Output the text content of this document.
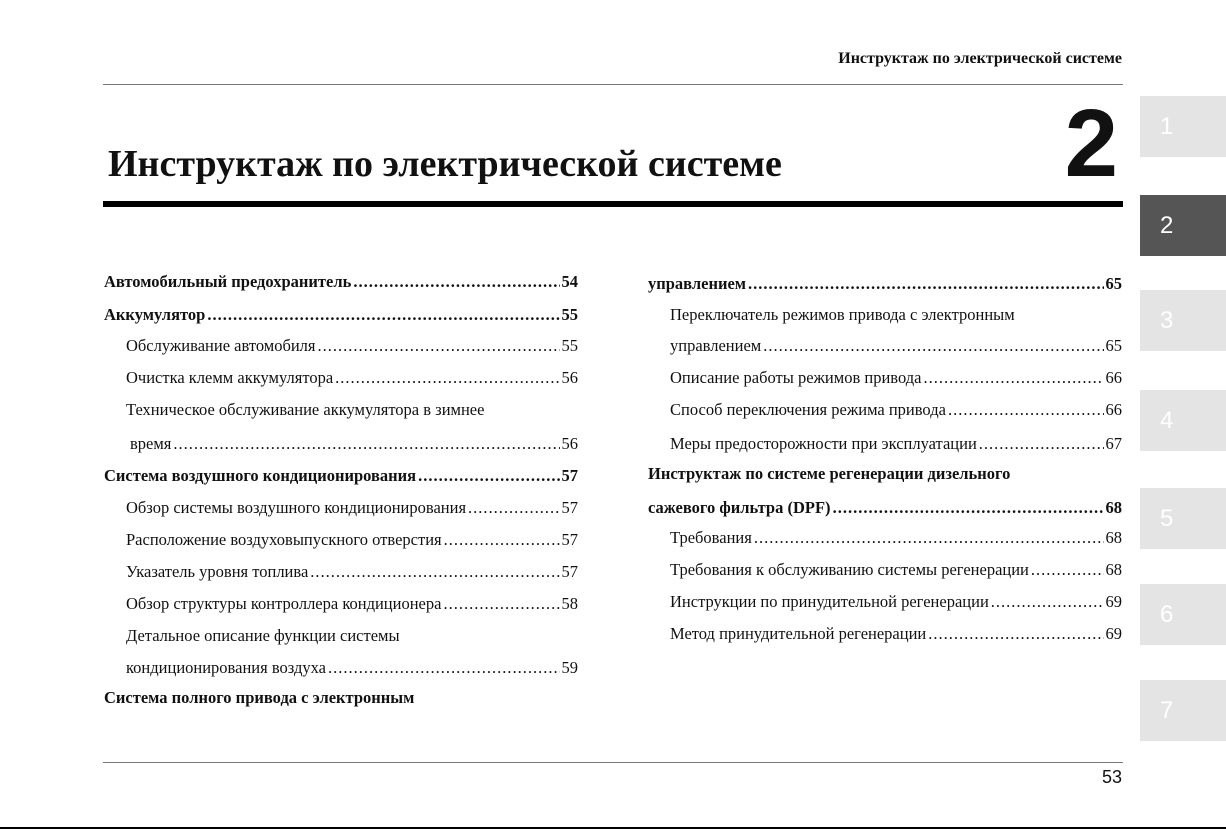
Инструктаж по электрической системе
2
Инструктаж по электрической системе
Автомобильный предохранитель .....	54
Аккумулятор .....	55
Обслуживание автомобиля .....	55
Очистка клемм аккумулятора .....	56
Техническое обслуживание аккумулятора в зимнее
время .....	56
Система воздушного кондиционирования .....	57
Обзор системы воздушного кондиционирования .....	57
Расположение воздуховыпускного отверстия .....	57
Указатель уровня топлива .....	57
Обзор структуры контроллера кондиционера .....	58
Детальное описание функции системы
кондиционирования воздуха .....	59
Система полного привода с электронным
управлением .....	65
Переключатель режимов привода с электронным
управлением .....	65
Описание работы режимов привода .....	66
Способ переключения режима привода .....	66
Меры предосторожности при эксплуатации .....	67
Инструктаж по системе регенерации дизельного
сажевого фильтра (DPF) .....	68
Требования .....	68
Требования к обслуживанию системы регенерации .....	68
Инструкции по принудительной регенерации .....	69
Метод принудительной регенерации .....	69
1
2
3
4
5
6
7
53
